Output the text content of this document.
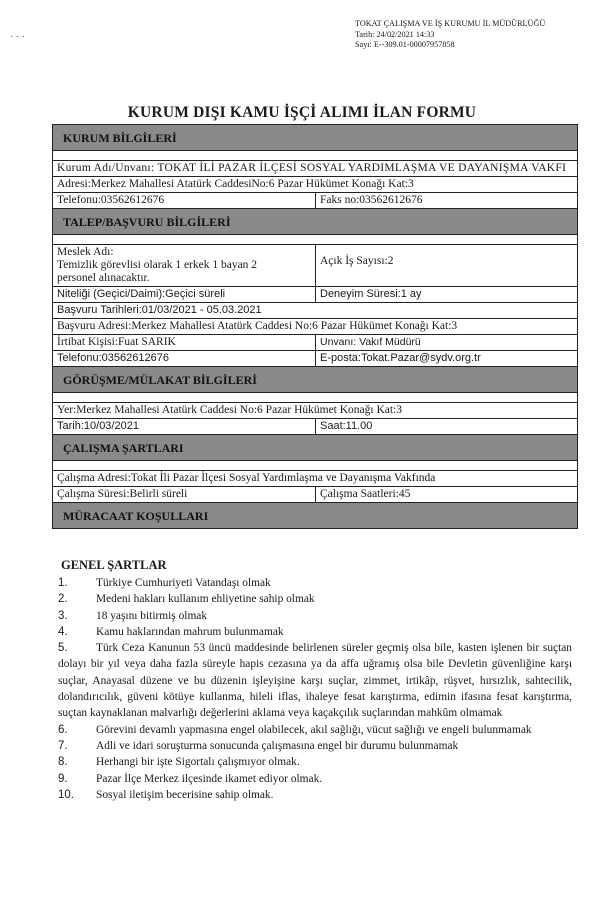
· · ·
TOKAT ÇALIŞMA VE İŞ KURUMU İL MÜDÜRLÜĞÜ
Tarih: 24/02/2021 14:33
Sayı: E--309.01-00007957858
KURUM DIŞI KAMU İŞÇİ ALIMI İLAN FORMU
KURUM BİLGİLERİ
Kurum Adı/Unvanı: TOKAT İLİ PAZAR İLÇESİ SOSYAL YARDIMLAŞMA VE DAYANIŞMA VAKFI
Adresi:Merkez Mahallesi Atatürk CaddesiNo:6 Pazar Hükümet Konağı Kat:3
Telefonu:03562612676	Faks no:03562612676
TALEP/BAŞVURU BİLGİLERİ
Meslek Adı:
Temizlik görevlisi olarak 1 erkek 1 bayan 2 personel alınacaktır.
Açık İş Sayısı:2
Niteliği (Geçici/Daimi):Geçici süreli	Deneyim Süresi:1 ay
Başvuru Tarihleri:01/03/2021 - 05.03.2021
Başvuru Adresi:Merkez Mahallesi Atatürk Caddesi No:6 Pazar Hükümet Konağı Kat:3
İrtibat Kişisi:Fuat SARIK	Unvanı: Vakıf Müdürü
Telefonu:03562612676	E-posta:Tokat.Pazar@sydv.org.tr
GÖRÜŞME/MÜLAKAT BİLGİLERİ
Yer:Merkez Mahallesi Atatürk Caddesi No:6 Pazar Hükümet Konağı Kat:3
Tarih:10/03/2021	Saat:11.00
ÇALIŞMA ŞARTLARI
Çalışma Adresi:Tokat İli Pazar İlçesi Sosyal Yardımlaşma ve Dayanışma Vakfında
Çalışma Süresi:Belirli süreli	Çalışma Saatleri:45
MÜRACAAT KOŞULLARI
GENEL ŞARTLAR
1.	Türkiye Cumhuriyeti Vatandaşı olmak
2.	Medeni hakları kullanım ehliyetine sahip olmak
3.	18 yaşını bitirmiş olmak
4.	Kamu haklarından mahrum bulunmamak
5. Türk Ceza Kanunun 53 üncü maddesinde belirlenen süreler geçmiş olsa bile, kasten işlenen bir suçtan dolayı bir yıl veya daha fazla süreyle hapis cezasına ya da affa uğramış olsa bile Devletin güvenliğine karşı suçlar, Anayasal düzene ve bu düzenin işleyişine karşı suçlar, zimmet, irtikâp, rüşvet, hırsızlık, sahtecilik, dolandırıcılık, güveni kötüye kullanma, hileli iflas, ihaleye fesat karıştırma, edimin ifasına fesat karıştırma, suçtan kaynaklanan malvarlığı değerlerini aklama veya kaçakçılık suçlarından mahkûm olmamak
6. Görevini devamlı yapmasına engel olabilecek, akıl sağlığı, vücut sağlığı ve engeli bulunmamak
7.	Adli ve idari soruşturma sonucunda çalışmasına engel bir durumu bulunmamak
8.	Herhangi bir işte Sigortalı çalışmıyor olmak.
9.	Pazar İlçe Merkez ilçesinde ikamet ediyor olmak.
10.	Sosyal iletişim becerisine sahip olmak.
